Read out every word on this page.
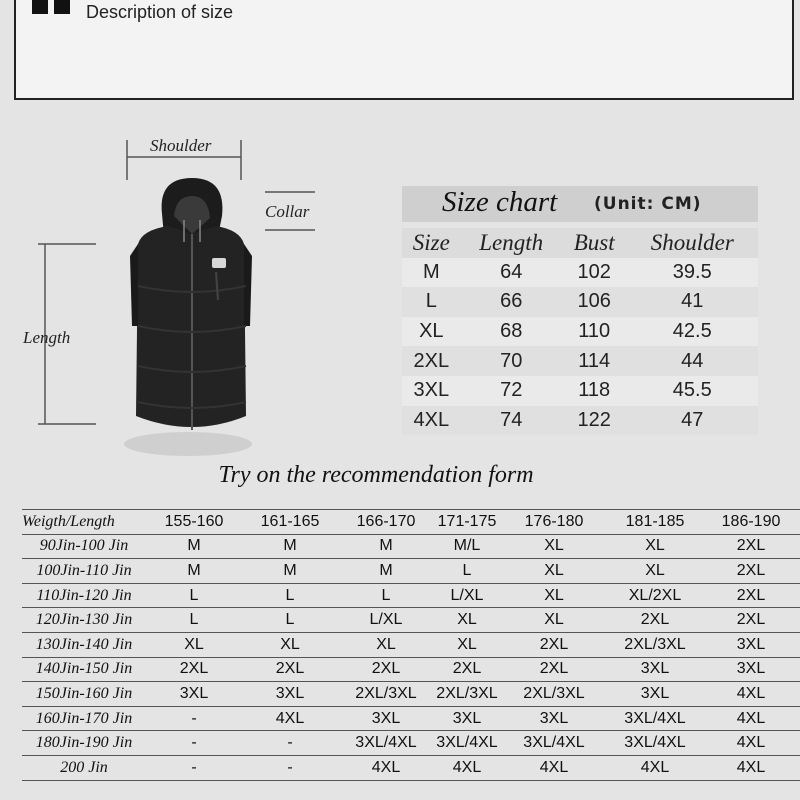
Description of size
Shoulder
Collar
Length
Size chart (Unit: CM)
Size	Length	Bust	Shoulder
M	64	102	39.5
L	66	106	41
XL	68	110	42.5
2XL	70	114	44
3XL	72	118	45.5
4XL	74	122	47
Try on the recommendation form
Weigth/Length	155-160	161-165	166-170	171-175	176-180	181-185	186-190
90Jin-100 Jin	M	M	M	M/L	XL	XL	2XL
100Jin-110 Jin	M	M	M	L	XL	XL	2XL
110Jin-120 Jin	L	L	L	L/XL	XL	XL/2XL	2XL
120Jin-130 Jin	L	L	L/XL	XL	XL	2XL	2XL
130Jin-140 Jin	XL	XL	XL	XL	2XL	2XL/3XL	3XL
140Jin-150 Jin	2XL	2XL	2XL	2XL	2XL	3XL	3XL
150Jin-160 Jin	3XL	3XL	2XL/3XL	2XL/3XL	2XL/3XL	3XL	4XL
160Jin-170 Jin	-	4XL	3XL	3XL	3XL	3XL/4XL	4XL
180Jin-190 Jin	-	-	3XL/4XL	3XL/4XL	3XL/4XL	3XL/4XL	4XL
200 Jin	-	-	4XL	4XL	4XL	4XL	4XL
